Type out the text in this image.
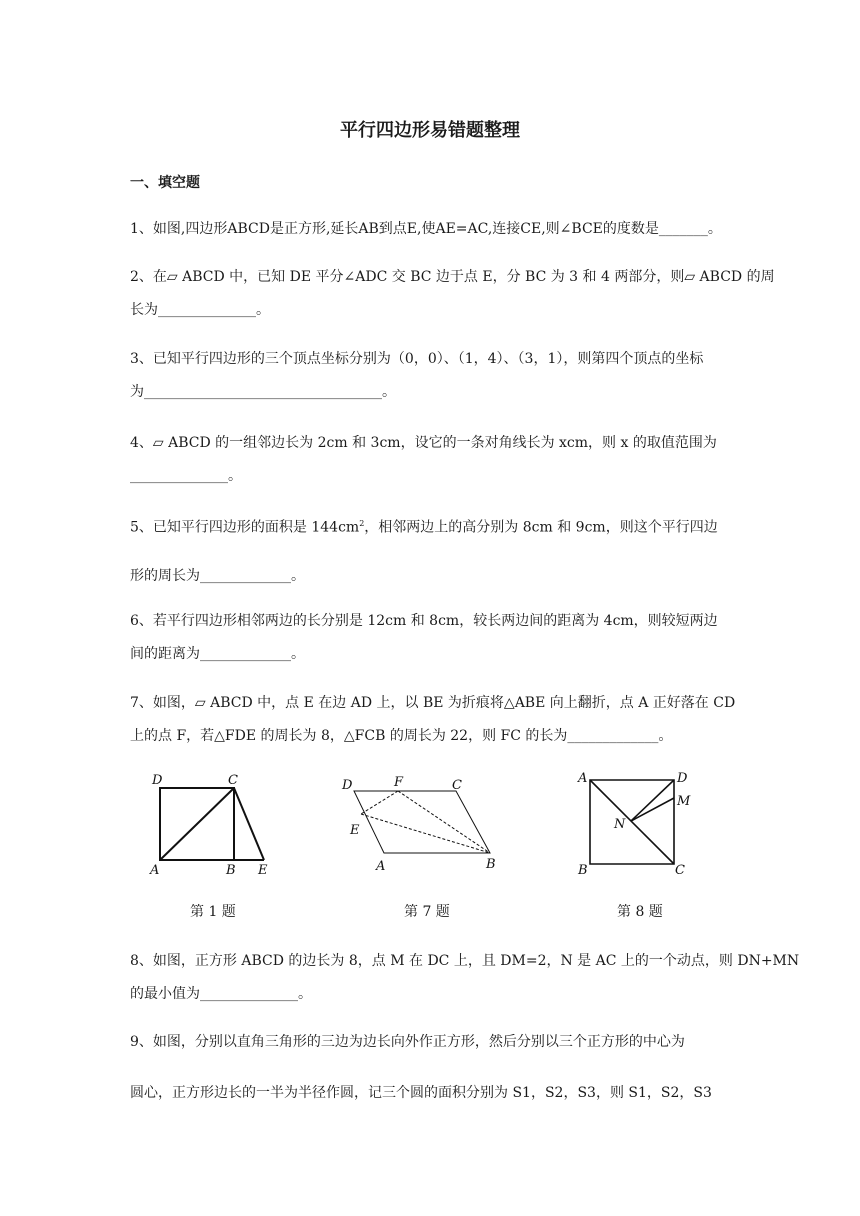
平行四边形易错题整理
一、填空题
1、如图,四边形ABCD是正方形,延长AB到点E,使AE=AC,连接CE,则∠BCE的度数是_______。
2、在▱ ABCD 中，已知 DE 平分∠ADC 交 BC 边于点 E，分 BC 为 3 和 4 两部分，则▱ ABCD 的周
长为______________。
3、已知平行四边形的三个顶点坐标分别为（0，0）、（1，4）、（3，1），则第四个顶点的坐标
为__________________________________。
4、▱ ABCD 的一组邻边长为 2cm 和 3cm，设它的一条对角线长为 xcm，则 x 的取值范围为
______________。
5、已知平行四边形的面积是 $144cm^2$，相邻两边上的高分别为 8cm 和 9cm，则这个平行四边
形的周长为_____________。
6、若平行四边形相邻两边的长分别是 12cm 和 8cm，较长两边间的距离为 4cm，则较短两边
间的距离为_____________。
7、如图，▱ ABCD 中，点 E 在边 AD 上，以 BE 为折痕将△ABE 向上翻折，点 A 正好落在 CD
上的点 F，若△FDE 的周长为 8，△FCB 的周长为 22，则 FC 的长为_____________。
D	C
A	B E
第 1 题
D	F	C
E
A	B
第 7 题
A	D
M
N
B	C
第 8 题
8、如图，正方形 ABCD 的边长为 8，点 M 在 DC 上，且 DM=2，N 是 AC 上的一个动点，则 DN+MN
的最小值为______________。
9、如图，分别以直角三角形的三边为边长向外作正方形，然后分别以三个正方形的中心为
圆心，正方形边长的一半为半径作圆，记三个圆的面积分别为 S1，S2，S3，则 S1，S2，S3
